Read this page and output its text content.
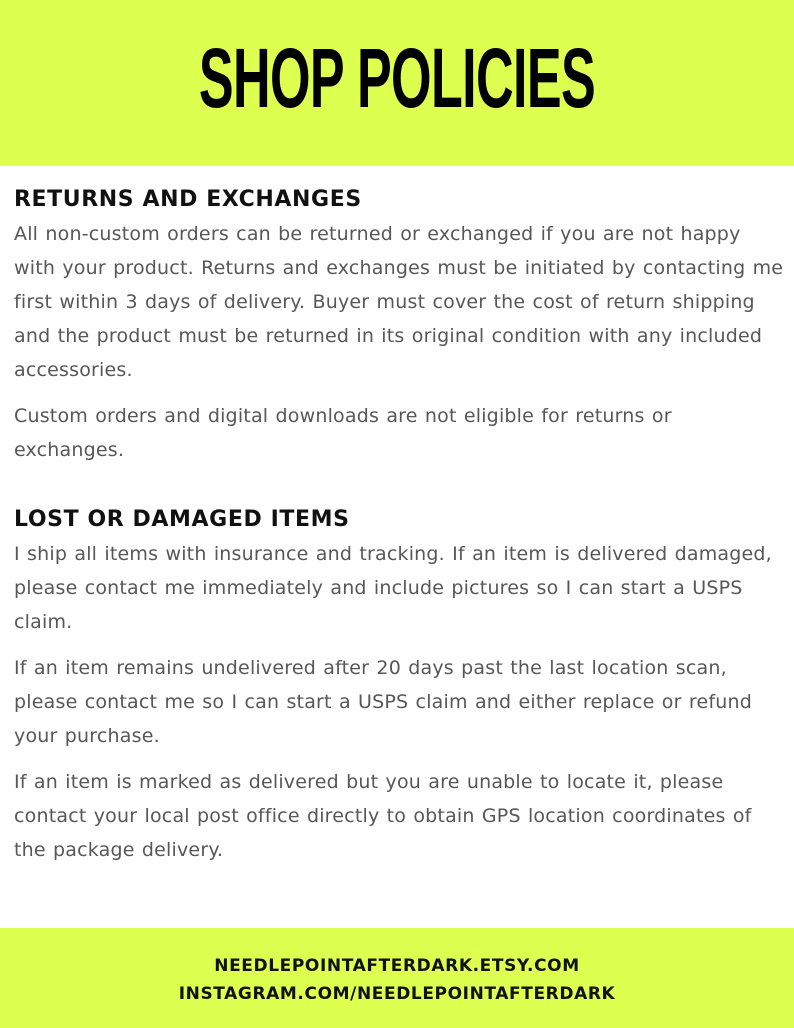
SHOP POLICIES
RETURNS AND EXCHANGES

All non-custom orders can be returned or exchanged if you are not happy with your product. Returns and exchanges must be initiated by contacting me first within 3 days of delivery. Buyer must cover the cost of return shipping and the product must be returned in its original condition with any included accessories.

Custom orders and digital downloads are not eligible for returns or exchanges.

LOST OR DAMAGED ITEMS

I ship all items with insurance and tracking. If an item is delivered damaged, please contact me immediately and include pictures so I can start a USPS claim.

If an item remains undelivered after 20 days past the last location scan, please contact me so I can start a USPS claim and either replace or refund your purchase.

If an item is marked as delivered but you are unable to locate it, please contact your local post office directly to obtain GPS location coordinates of the package delivery.

NEEDLEPOINTAFTERDARK.ETSY.COM
INSTAGRAM.COM/NEEDLEPOINTAFTERDARK
